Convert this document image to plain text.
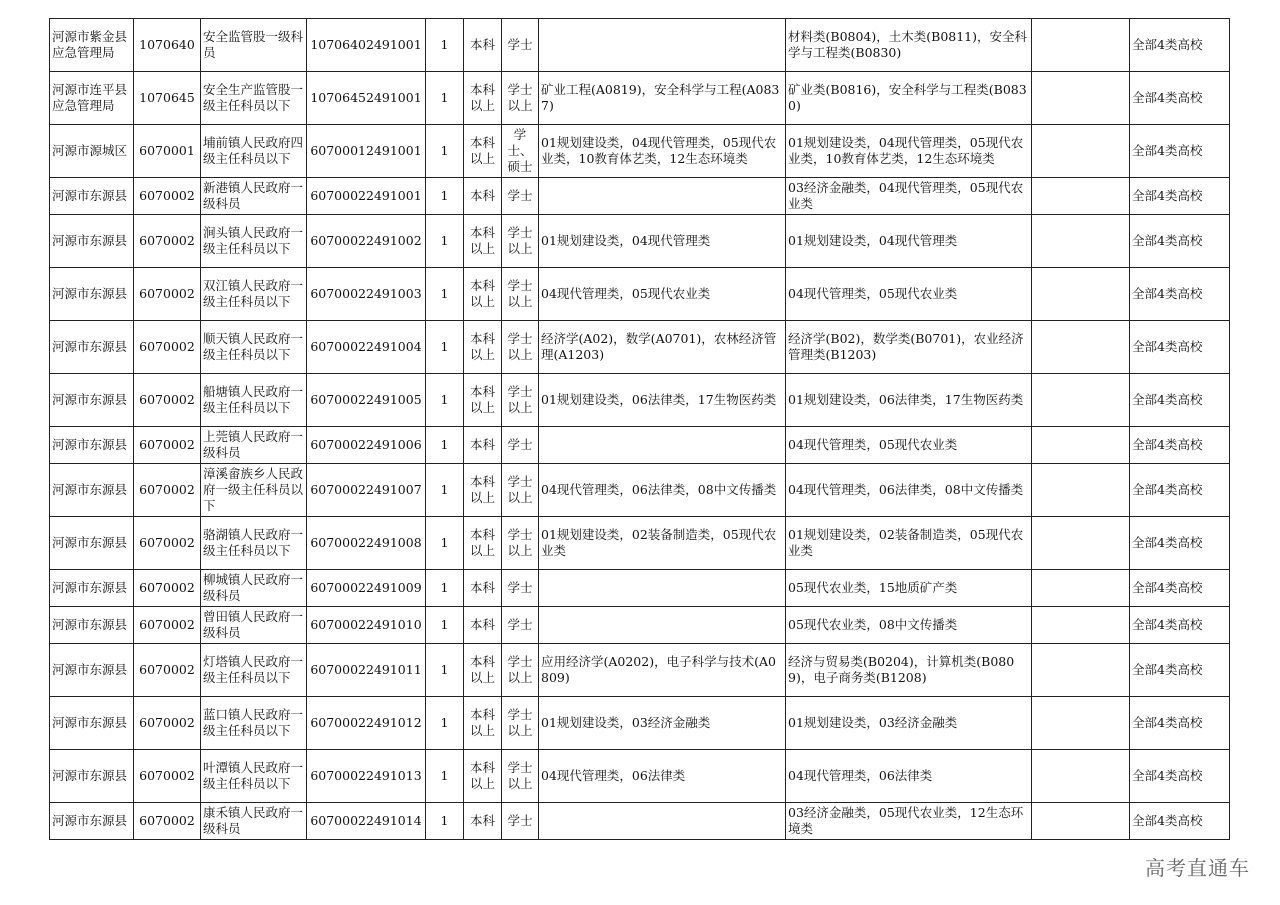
河源市紫金县应急管理局	1070640	安全监管股一级科员	10706402491001	1	本科	学士		材料类(B0804)，土木类(B0811)，安全科学与工程类(B0830)		全部4类高校
河源市连平县应急管理局	1070645	安全生产监管股一级主任科员以下	10706452491001	1	本科以上	学士以上	矿业工程(A0819)，安全科学与工程(A0837)	矿业类(B0816)，安全科学与工程类(B0830)		全部4类高校
河源市源城区	6070001	埔前镇人民政府四级主任科员以下	60700012491001	1	本科以上	学士、硕士	01规划建设类，04现代管理类，05现代农业类，10教育体艺类，12生态环境类	01规划建设类，04现代管理类，05现代农业类，10教育体艺类，12生态环境类		全部4类高校
河源市东源县	6070002	新港镇人民政府一级科员	60700022491001	1	本科	学士		03经济金融类，04现代管理类，05现代农业类		全部4类高校
河源市东源县	6070002	涧头镇人民政府一级主任科员以下	60700022491002	1	本科以上	学士以上	01规划建设类，04现代管理类	01规划建设类，04现代管理类		全部4类高校
河源市东源县	6070002	双江镇人民政府一级主任科员以下	60700022491003	1	本科以上	学士以上	04现代管理类，05现代农业类	04现代管理类，05现代农业类		全部4类高校
河源市东源县	6070002	顺天镇人民政府一级主任科员以下	60700022491004	1	本科以上	学士以上	经济学(A02)，数学(A0701)，农林经济管理(A1203)	经济学(B02)，数学类(B0701)，农业经济管理类(B1203)		全部4类高校
河源市东源县	6070002	船塘镇人民政府一级主任科员以下	60700022491005	1	本科以上	学士以上	01规划建设类，06法律类，17生物医药类	01规划建设类，06法律类，17生物医药类		全部4类高校
河源市东源县	6070002	上莞镇人民政府一级科员	60700022491006	1	本科	学士		04现代管理类，05现代农业类		全部4类高校
河源市东源县	6070002	漳溪畲族乡人民政府一级主任科员以下	60700022491007	1	本科以上	学士以上	04现代管理类，06法律类，08中文传播类	04现代管理类，06法律类，08中文传播类		全部4类高校
河源市东源县	6070002	骆湖镇人民政府一级主任科员以下	60700022491008	1	本科以上	学士以上	01规划建设类，02装备制造类，05现代农业类	01规划建设类，02装备制造类，05现代农业类		全部4类高校
河源市东源县	6070002	柳城镇人民政府一级科员	60700022491009	1	本科	学士		05现代农业类，15地质矿产类		全部4类高校
河源市东源县	6070002	曾田镇人民政府一级科员	60700022491010	1	本科	学士		05现代农业类，08中文传播类		全部4类高校
河源市东源县	6070002	灯塔镇人民政府一级主任科员以下	60700022491011	1	本科以上	学士以上	应用经济学(A0202)，电子科学与技术(A0809)	经济与贸易类(B0204)，计算机类(B0809)，电子商务类(B1208)		全部4类高校
河源市东源县	6070002	蓝口镇人民政府一级主任科员以下	60700022491012	1	本科以上	学士以上	01规划建设类，03经济金融类	01规划建设类，03经济金融类		全部4类高校
河源市东源县	6070002	叶潭镇人民政府一级主任科员以下	60700022491013	1	本科以上	学士以上	04现代管理类，06法律类	04现代管理类，06法律类		全部4类高校
河源市东源县	6070002	康禾镇人民政府一级科员	60700022491014	1	本科	学士		03经济金融类，05现代农业类，12生态环境类		全部4类高校
高考直通车
